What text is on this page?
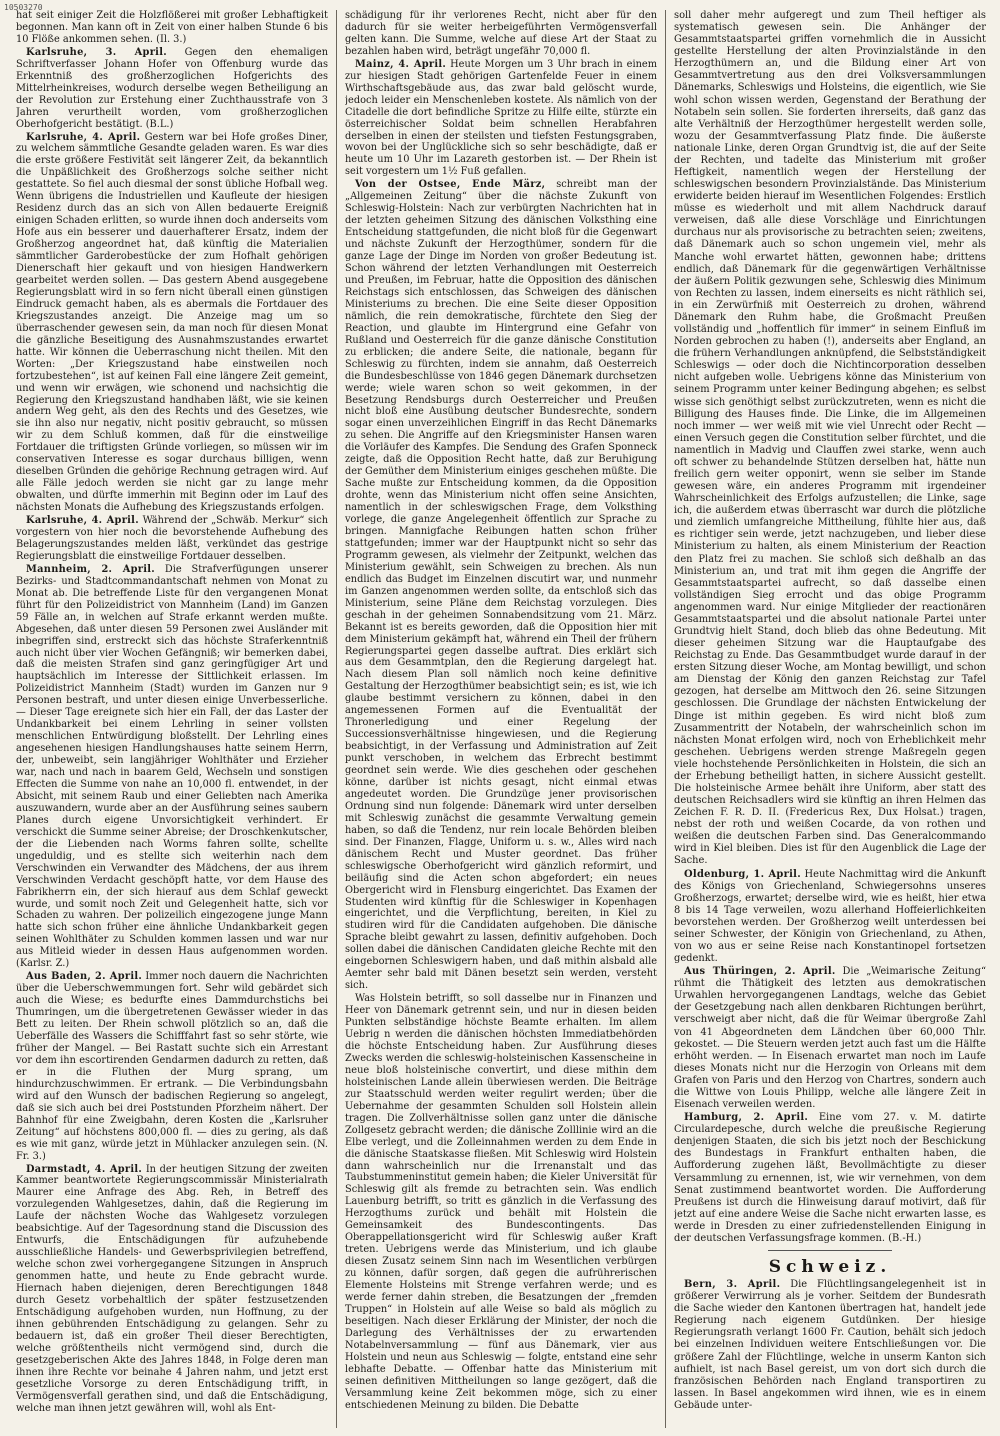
10503270

hat seit einiger Zeit die Holzflößerei mit großer Lebhaftigkeit begonnen. Man kann oft in Zeit von einer halben Stunde 6 bis 10 Flöße ankommen sehen. (Il. 3.)

Karlsruhe, 3. April. Gegen den ehemaligen Schriftverfasser Johann Hofer von Offenburg wurde das Erkenntniß des großherzoglichen Hofgerichts des Mittelrheinkreises, wodurch derselbe wegen Betheiligung an der Revolution zur Erstehung einer Zuchthausstrafe von 3 Jahren verurtheilt worden, vom großherzoglichen Oberhofgericht bestätigt. (B.L.)

Karlsruhe, 4. April. Gestern war bei Hofe großes Diner, zu welchem sämmtliche Gesandte geladen waren. Es war dies die erste größere Festivität seit längerer Zeit, da bekanntlich die Unpäßlichkeit des Großherzogs solche seither nicht gestattete. So fiel auch diesmal der sonst übliche Hofball weg. Wenn übrigens die Industriellen und Kaufleute der hiesigen Residenz durch das an sich von Allen bedauerte Ereigniß einigen Schaden erlitten, so wurde ihnen doch anderseits vom Hofe aus ein besserer und dauerhafterer Ersatz, indem der Großherzog angeordnet hat, daß künftig die Materialien sämmtlicher Garderobestücke der zum Hofhalt gehörigen Dienerschaft hier gekauft und von hiesigen Handwerkern gearbeitet werden sollen. — Das gestern Abend ausgegebene Regierungsblatt wird in so fern nicht überall einen günstigen Eindruck gemacht haben, als es abermals die Fortdauer des Kriegszustandes anzeigt. Die Anzeige mag um so überraschender gewesen sein, da man noch für diesen Monat die gänzliche Beseitigung des Ausnahmszustandes erwartet hatte. Wir können die Ueberraschung nicht theilen. Mit den Worten: „Der Kriegszustand habe einstweilen noch fortzubestehen“, ist auf keinen Fall eine längere Zeit gemeint, und wenn wir erwägen, wie schonend und nachsichtig die Regierung den Kriegszustand handhaben läßt, wie sie keinen andern Weg geht, als den des Rechts und des Gesetzes, wie sie ihn also nur negativ, nicht positiv gebraucht, so müssen wir zu dem Schluß kommen, daß für die einstweilige Fortdauer die triftigsten Gründe vorliegen, so müssen wir im conservativen Interesse es sogar durchaus billigen, wenn dieselben Gründen die gehörige Rechnung getragen wird. Auf alle Fälle jedoch werden sie nicht gar zu lange mehr obwalten, und dürfte immerhin mit Beginn oder im Lauf des nächsten Monats die Aufhebung des Kriegszustands erfolgen.

Karlsruhe, 4. April. Während der „Schwäb. Merkur“ sich vorgestern von hier noch die bevorstehende Aufhebung des Belagerungszustandes melden läßt, verkündet das gestrige Regierungsblatt die einstweilige Fortdauer desselben.

Mannheim, 2. April. Die Strafverfügungen unserer Bezirks- und Stadtcommandantschaft nehmen von Monat zu Monat ab. Die betreffende Liste für den vergangenen Monat führt für den Polizeidistrict von Mannheim (Land) im Ganzen 59 Fälle an, in welchen auf Strafe erkannt werden mußte. Abgesehen, daß unter diesen 59 Personen zwei Ausländer mit inbegriffen sind, erstreckt sich das höchste Straferkenntniß auch nicht über vier Wochen Gefängniß; wir bemerken dabei, daß die meisten Strafen sind ganz geringfügiger Art und hauptsächlich im Interesse der Sittlichkeit erlassen. Im Polizeidistrict Mannheim (Stadt) wurden im Ganzen nur 9 Personen bestraft, und unter diesen einige Unverbesserliche. — Dieser Tage ereignete sich hier ein Fall, der das Laster der Undankbarkeit bei einem Lehrling in seiner vollsten menschlichen Entwürdigung bloßstellt. Der Lehrling eines angesehenen hiesigen Handlungshauses hatte seinem Herrn, der, unbeweibt, sein langjähriger Wohlthäter und Erzieher war, nach und nach in baarem Geld, Wechseln und sonstigen Effecten die Summe von nahe an 10,000 fl. entwendet, in der Absicht, mit seinem Raub und einer Geliebten nach Amerika auszuwandern, wurde aber an der Ausführung seines saubern Planes durch eigene Unvorsichtigkeit verhindert. Er verschickt die Summe seiner Abreise; der Droschkenkutscher, der die Liebenden nach Worms fahren sollte, schellte ungeduldig, und es stellte sich weiterhin nach dem Verschwinden ein Verwandter des Mädchens, der aus ihrem Verschwinden Verdacht geschöpft hatte, vor dem Hause des Fabrikherrn ein, der sich hierauf aus dem Schlaf geweckt wurde, und somit noch Zeit und Gelegenheit hatte, sich vor Schaden zu wahren. Der polizeilich eingezogene junge Mann hatte sich schon früher eine ähnliche Undankbarkeit gegen seinen Wohlthäter zu Schulden kommen lassen und war nur aus Mitleid wieder in dessen Haus aufgenommen worden. (Karlsr. Z.)

Aus Baden, 2. April. Immer noch dauern die Nachrichten über die Ueberschwemmungen fort. Sehr wild gebärdet sich auch die Wiese; es bedurfte eines Dammdurchstichs bei Thumringen, um die übergetretenen Gewässer wieder in das Bett zu leiten. Der Rhein schwoll plötzlich so an, daß die Ueberfälle des Wassers die Schifffahrt fast so sehr störte, wie früher der Mangel. — Bei Rastatt suchte sich ein Arrestant vor dem ihn escortirenden Gendarmen dadurch zu retten, daß er in die Fluthen der Murg sprang, um hindurchzuschwimmen. Er ertrank. — Die Verbindungsbahn wird auf den Wunsch der badischen Regierung so angelegt, daß sie sich auch bei drei Poststunden Pforzheim nähert. Der Bahnhof für eine Zweigbahn, deren Kosten die „Karlsruher Zeitung“ auf höchstens 800,000 fl. — dies zu gering, als daß es wie mit ganz, würde jetzt in Mühlacker anzulegen sein. (N. Fr. 3.)

Darmstadt, 4. April. In der heutigen Sitzung der zweiten Kammer beantwortete Regierungscommissär Ministerialrath Maurer eine Anfrage des Abg. Reh, in Betreff des vorzulegenden Wahlgesetzes, dahin, daß die Regierung im Laufe der nächsten Woche das Wahlgesetz vorzulegen beabsichtige. Auf der Tagesordnung stand die Discussion des Entwurfs, die Entschädigungen für aufzuhebende ausschließliche Handels- und Gewerbsprivilegien betreffend, welche schon zwei vorhergegangene Sitzungen in Anspruch genommen hatte, und heute zu Ende gebracht wurde. Hiernach haben diejenigen, deren Berechtigungen 1848 durch Gesetz vorbehaltlich der später festzusetzenden Entschädigung aufgehoben wurden, nun Hoffnung, zu der ihnen gebührenden Entschädigung zu gelangen. Sehr zu bedauern ist, daß ein großer Theil dieser Berechtigten, welche größtentheils nicht vermögend sind, durch die gesetzgeberischen Akte des Jahres 1848, in Folge deren man ihnen ihre Rechte vor beinahe 4 Jahren nahm, und jetzt erst gesetzliche Vorsorge zu deren Entschädigung trifft, in Vermögensverfall gerathen sind, und daß die Entschädigung, welche man ihnen jetzt gewähren will, wohl als Ent-

schädigung für ihr verlorenes Recht, nicht aber für den dadurch für sie weiter herbeigeführten Vermögensverfall gelten kann. Die Summe, welche auf diese Art der Staat zu bezahlen haben wird, beträgt ungefähr 70,000 fl.

Mainz, 4. April. Heute Morgen um 3 Uhr brach in einem zur hiesigen Stadt gehörigen Gartenfelde Feuer in einem Wirthschaftsgebäude aus, das zwar bald gelöscht wurde, jedoch leider ein Menschenleben kostete. Als nämlich von der Citadelle die dort befindliche Spritze zu Hilfe eilte, stürzte ein österreichischer Soldat beim schnellen Herabfahren derselben in einen der steilsten und tiefsten Festungsgraben, wovon bei der Unglückliche sich so sehr beschädigte, daß er heute um 10 Uhr im Lazareth gestorben ist. — Der Rhein ist seit vorgestern um 1½ Fuß gefallen.

Von der Ostsee, Ende März, schreibt man der „Allgemeinen Zeitung“ über die nächste Zukunft von Schleswig-Holstein: Nach zur verbürgten Nachrichten hat in der letzten geheimen Sitzung des dänischen Volksthing eine Entscheidung stattgefunden, die nicht bloß für die Gegenwart und nächste Zukunft der Herzogthümer, sondern für die ganze Lage der Dinge im Norden von großer Bedeutung ist. Schon während der letzten Verhandlungen mit Oesterreich und Preußen, im Februar, hatte die Opposition des dänischen Reichstags sich entschlossen, das Schweigen des dänischen Ministeriums zu brechen. Die eine Seite dieser Opposition nämlich, die rein demokratische, fürchtete den Sieg der Reaction, und glaubte im Hintergrund eine Gefahr von Rußland und Oesterreich für die ganze dänische Constitution zu erblicken; die andere Seite, die nationale, begann für Schleswig zu fürchten, indem sie annahm, daß Oesterreich die Bundesbeschlüsse von 1846 gegen Dänemark durchsetzen werde; wiele waren schon so weit gekommen, in der Besetzung Rendsburgs durch Oesterreicher und Preußen nicht bloß eine Ausübung deutscher Bundesrechte, sondern sogar einen unverzeihlichen Eingriff in das Recht Dänemarks zu sehen. Die Angriffe auf den Kriegsminister Hansen waren die Vorläufer des Kampfes. Die Sendung des Grafen Sponneck zeigte, daß die Opposition Recht hatte, daß zur Beruhigung der Gemüther dem Ministerium einiges geschehen müßte. Die Sache mußte zur Entscheidung kommen, da die Opposition drohte, wenn das Ministerium nicht offen seine Ansichten, namentlich in der schleswigschen Frage, dem Volksthing vorlege, die ganze Angelegenheit öffentlich zur Sprache zu bringen. Mannigfache Reibungen hatten schon früher stattgefunden; immer war der Hauptpunkt nicht so sehr das Programm gewesen, als vielmehr der Zeitpunkt, welchen das Ministerium gewählt, sein Schweigen zu brechen. Als nun endlich das Budget im Einzelnen discutirt war, und nunmehr im Ganzen angenommen werden sollte, da entschloß sich das Ministerium, seine Pläne dem Reichstag vorzulegen. Dies geschah in der geheimen Sonnabendsitzung vom 21. März. Bekannt ist es bereits geworden, daß die Opposition hier mit dem Ministerium gekämpft hat, während ein Theil der frühern Regierungspartei gegen dasselbe auftrat. Dies erklärt sich aus dem Gesammtplan, den die Regierung dargelegt hat. Nach diesem Plan soll nämlich noch keine definitive Gestaltung der Herzogthümer beabsichtigt sein; es ist, wie ich glaube bestimmt versichern zu können, dabei in den angemessenen Formen auf die Eventualität der Thronerledigung und einer Regelung der Successionsverhältnisse hingewiesen, und die Regierung beabsichtigt, in der Verfassung und Administration auf Zeit punkt verschoben, in welchem das Erbrecht bestimmt geordnet sein werde. Wie dies geschehen oder geschehen könne, darüber ist nichts gesagt, nicht einmal etwas angedeutet worden. Die Grundzüge jener provisorischen Ordnung sind nun folgende: Dänemark wird unter derselben mit Schleswig zunächst die gesammte Verwaltung gemein haben, so daß die Tendenz, nur rein locale Behörden bleiben sind. Der Finanzen, Flagge, Uniform u. s. w., Alles wird nach dänischem Recht und Muster geordnet. Das früher schleswigsche Oberhofgericht wird gänzlich reformirt, und beiläufig sind die Acten schon abgefordert; ein neues Obergericht wird in Flensburg eingerichtet. Das Examen der Studenten wird künftig für die Schleswiger in Kopenhagen eingerichtet, und die Verpflichtung, bereiten, in Kiel zu studiren wird für die Candidaten aufgehoben. Die dänische Sprache bleibt gewahrt zu lassen, definitiv aufgehoben. Doch sollen dabei die dänischen Candidaten gleiche Rechte mit den eingebornen Schleswigern haben, und daß mithin alsbald alle Aemter sehr bald mit Dänen besetzt sein werden, versteht sich.

Was Holstein betrifft, so soll dasselbe nur in Finanzen und Heer von Dänemark getrennt sein, und nur in diesen beiden Punkten selbständige höchste Beamte erhalten. Im allem Uebrig n werden die dänischen höchsten Immediatbehörden die höchste Entscheidung haben. Zur Ausführung dieses Zwecks werden die schleswig-holsteinischen Kassenscheine in neue bloß holsteinische convertirt, und diese mithin dem holsteinischen Lande allein überwiesen werden. Die Beiträge zur Staatsschuld werden weiter regulirt werden; über die Uebernahme der gesammten Schulden soll Holstein allein tragen. Die Zollverhältnisse sollen ganz unter die dänische Zollgesetz gebracht werden; die dänische Zolllinie wird an die Elbe verlegt, und die Zolleinnahmen werden zu dem Ende in die dänische Staatskasse fließen. Mit Schleswig wird Holstein dann wahrscheinlich nur die Irrenanstalt und das Taubstummeninstitut gemein haben; die Kieler Universität für Schleswig gilt als fremde zu betrachten sein. Was endlich Lauenburg betrifft, so tritt es gänzlich in die Verfassung des Herzogthums zurück und behält mit Holstein die Gemeinsamkeit des Bundescontingents. Das Oberappellationsgericht wird für Schleswig außer Kraft treten. Uebrigens werde das Ministerium, und ich glaube diesen Zusatz seinem Sinn nach im Wesentlichen verbürgen zu können, dafür sorgen, daß gegen die aufrührerischen Elemente Holsteins mit Strenge verfahren werde; und es werde ferner dahin streben, die Besatzungen der „fremden Truppen“ in Holstein auf alle Weise so bald als möglich zu beseitigen. Nach dieser Erklärung der Minister, der noch die Darlegung des Verhältnisses der zu erwartenden Notabelnversammlung — fünf aus Dänemark, vier aus Holstein und neun aus Schleswig — folgte, entstand eine sehr lebhafte Debatte. — Offenbar hatte das Ministerium mit seinen definitiven Mittheilungen so lange gezögert, daß die Versammlung keine Zeit bekommen möge, sich zu einer entschiedenen Meinung zu bilden. Die Debatte

soll daher mehr aufgeregt und zum Theil heftiger als systematisch gewesen sein. Die Anhänger der Gesammtstaatspartei griffen vornehmlich die in Aussicht gestellte Herstellung der alten Provinzialstände in den Herzogthümern an, und die Bildung einer Art von Gesammtvertretung aus den drei Volksversammlungen Dänemarks, Schleswigs und Holsteins, die eigentlich, wie Sie wohl schon wissen werden, Gegenstand der Berathung der Notabeln sein sollen. Sie forderten ihrerseits, daß ganz das alte Verhältniß der Herzogthümer hergestellt werden solle, wozu der Gesammtverfassung Platz finde. Die äußerste nationale Linke, deren Organ Grundtvig ist, die auf der Seite der Rechten, und tadelte das Ministerium mit großer Heftigkeit, namentlich wegen der Herstellung der schleswigschen besondern Provinzialstände. Das Ministerium erwiderte beiden hierauf im Wesentlichen Folgendes: Erstlich müsse es wiederholt und mit allem Nachdruck darauf verweisen, daß alle diese Vorschläge und Einrichtungen durchaus nur als provisorische zu betrachten seien; zweitens, daß Dänemark auch so schon ungemein viel, mehr als Manche wohl erwartet hätten, gewonnen habe; drittens endlich, daß Dänemark für die gegenwärtigen Verhältnisse der äußern Politik gezwungen sehe, Schleswig dies Minimum von Rechten zu lassen, indem einerseits es nicht räthlich sei, in ein Zerwürfniß mit Oesterreich zu drohen, während Dänemark den Ruhm habe, die Großmacht Preußen vollständig und „hoffentlich für immer“ in seinem Einfluß im Norden gebrochen zu haben (!), anderseits aber England, an die frühern Verhandlungen anknüpfend, die Selbstständigkeit Schleswigs — oder doch die Nichtincorporation desselben nicht aufgeben wolle. Uebrigens könne das Ministerium von seinem Programm unter keiner Bedingung abgehen; es selbst wisse sich genöthigt selbst zurückzutreten, wenn es nicht die Billigung des Hauses finde. Die Linke, die im Allgemeinen noch immer — wer weiß mit wie viel Unrecht oder Recht — einen Versuch gegen die Constitution selber fürchtet, und die namentlich in Madvig und Clauffen zwei starke, wenn auch oft schwer zu behandelnde Stützen derselben hat, hätte nun freilich gern weiter opponirt, wenn sie selber im Stande gewesen wäre, ein anderes Programm mit irgendeiner Wahrscheinlichkeit des Erfolgs aufzustellen; die Linke, sage ich, die außerdem etwas überrascht war durch die plötzliche und ziemlich umfangreiche Mittheilung, fühlte hier aus, daß es richtiger sein werde, jetzt nachzugeben, und lieber diese Ministerium zu halten, als einem Ministerium der Reaction den Platz frei zu machen. Sie schloß sich deßhalb an das Ministerium an, und trat mit ihm gegen die Angriffe der Gesammtstaatspartei aufrecht, so daß dasselbe einen vollständigen Sieg errocht und das obige Programm angenommen ward. Nur einige Mitglieder der reactionären Gesammtstaatspartei und die absolut nationale Partei unter Grundtvig hielt Stand, doch blieb das ohne Bedeutung. Mit dieser geheimen Sitzung war die Hauptaufgabe des Reichstag zu Ende. Das Gesammtbudget wurde darauf in der ersten Sitzung dieser Woche, am Montag bewilligt, und schon am Dienstag der König den ganzen Reichstag zur Tafel gezogen, hat derselbe am Mittwoch den 26. seine Sitzungen geschlossen. Die Grundlage der nächsten Entwickelung der Dinge ist mithin gegeben. Es wird nicht bloß zum Zusammentritt der Notabeln, der wahrscheinlich schon im nächsten Monat erfolgen wird, noch von Erheblichkeit mehr geschehen. Uebrigens werden strenge Maßregeln gegen viele hochstehende Persönlichkeiten in Holstein, die sich an der Erhebung betheiligt hatten, in sichere Aussicht gestellt. Die holsteinische Armee behält ihre Uniform, aber statt des deutschen Reichsadlers wird sie künftig an ihren Helmen das Zeichen F. R. D. II. (Fredericus Rex, Dux Holsat.) tragen, nebst der roth und weißen Cocarde, da von rothen und weißen die deutschen Farben sind. Das Generalcommando wird in Kiel bleiben. Dies ist für den Augenblick die Lage der Sache.

Oldenburg, 1. April. Heute Nachmittag wird die Ankunft des Königs von Griechenland, Schwiegersohns unseres Großherzogs, erwartet; derselbe wird, wie es heißt, hier etwa 8 bis 14 Tage verweilen, wozu allerhand Hoffeierlichkeiten bevorstehen werden. Der Großherzog weilt unterdessen bei seiner Schwester, der Königin von Griechenland, zu Athen, von wo aus er seine Reise nach Konstantinopel fortsetzen gedenkt.

Aus Thüringen, 2. April. Die „Weimarische Zeitung“ rühmt die Thätigkeit des letzten aus demokratischen Urwahlen hervorgegangenen Landtags, welche das Gebiet der Gesetzgebung nach allen denkbaren Richtungen berührt, verschweigt aber nicht, daß die für Weimar übergroße Zahl von 41 Abgeordneten dem Ländchen über 60,000 Thlr. gekostet. — Die Steuern werden jetzt auch fast um die Hälfte erhöht werden. — In Eisenach erwartet man noch im Laufe dieses Monats nicht nur die Herzogin von Orleans mit dem Grafen von Paris und den Herzog von Chartres, sondern auch die Wittwe von Louis Philipp, welche alle längere Zeit in Eisenach verweilen werden.

Hamburg, 2. April. Eine vom 27. v. M. datirte Circulardepesche, durch welche die preußische Regierung denjenigen Staaten, die sich bis jetzt noch der Beschickung des Bundestags in Frankfurt enthalten haben, die Aufforderung zugehen läßt, Bevollmächtigte zu dieser Versammlung zu ernennen, ist, wie wir vernehmen, von dem Senat zustimmend beantwortet worden. Die Aufforderung Preußens ist durch die Hinweisung darauf motivirt, daß für jetzt auf eine andere Weise die Sache nicht erwarten lasse, es werde in Dresden zu einer zufriedenstellenden Einigung in der deutschen Verfassungsfrage kommen. (B.-H.)

Schweiz.

Bern, 3. April. Die Flüchtlingsangelegenheit ist in größerer Verwirrung als je vorher. Seitdem der Bundesrath die Sache wieder den Kantonen übertragen hat, handelt jede Regierung nach eigenem Gutdünken. Der hiesige Regierungsrath verlangt 1600 Fr. Caution, behält sich jedoch bei einzelnen Individuen weitere Entschließungen vor. Die größere Zahl der Flüchtlinge, welche in unserm Kanton sich aufhielt, ist nach Basel gereist, um von dort sich durch die französischen Behörden nach England transportiren zu lassen. In Basel angekommen wird ihnen, wie es in einem Gebäude unter-
